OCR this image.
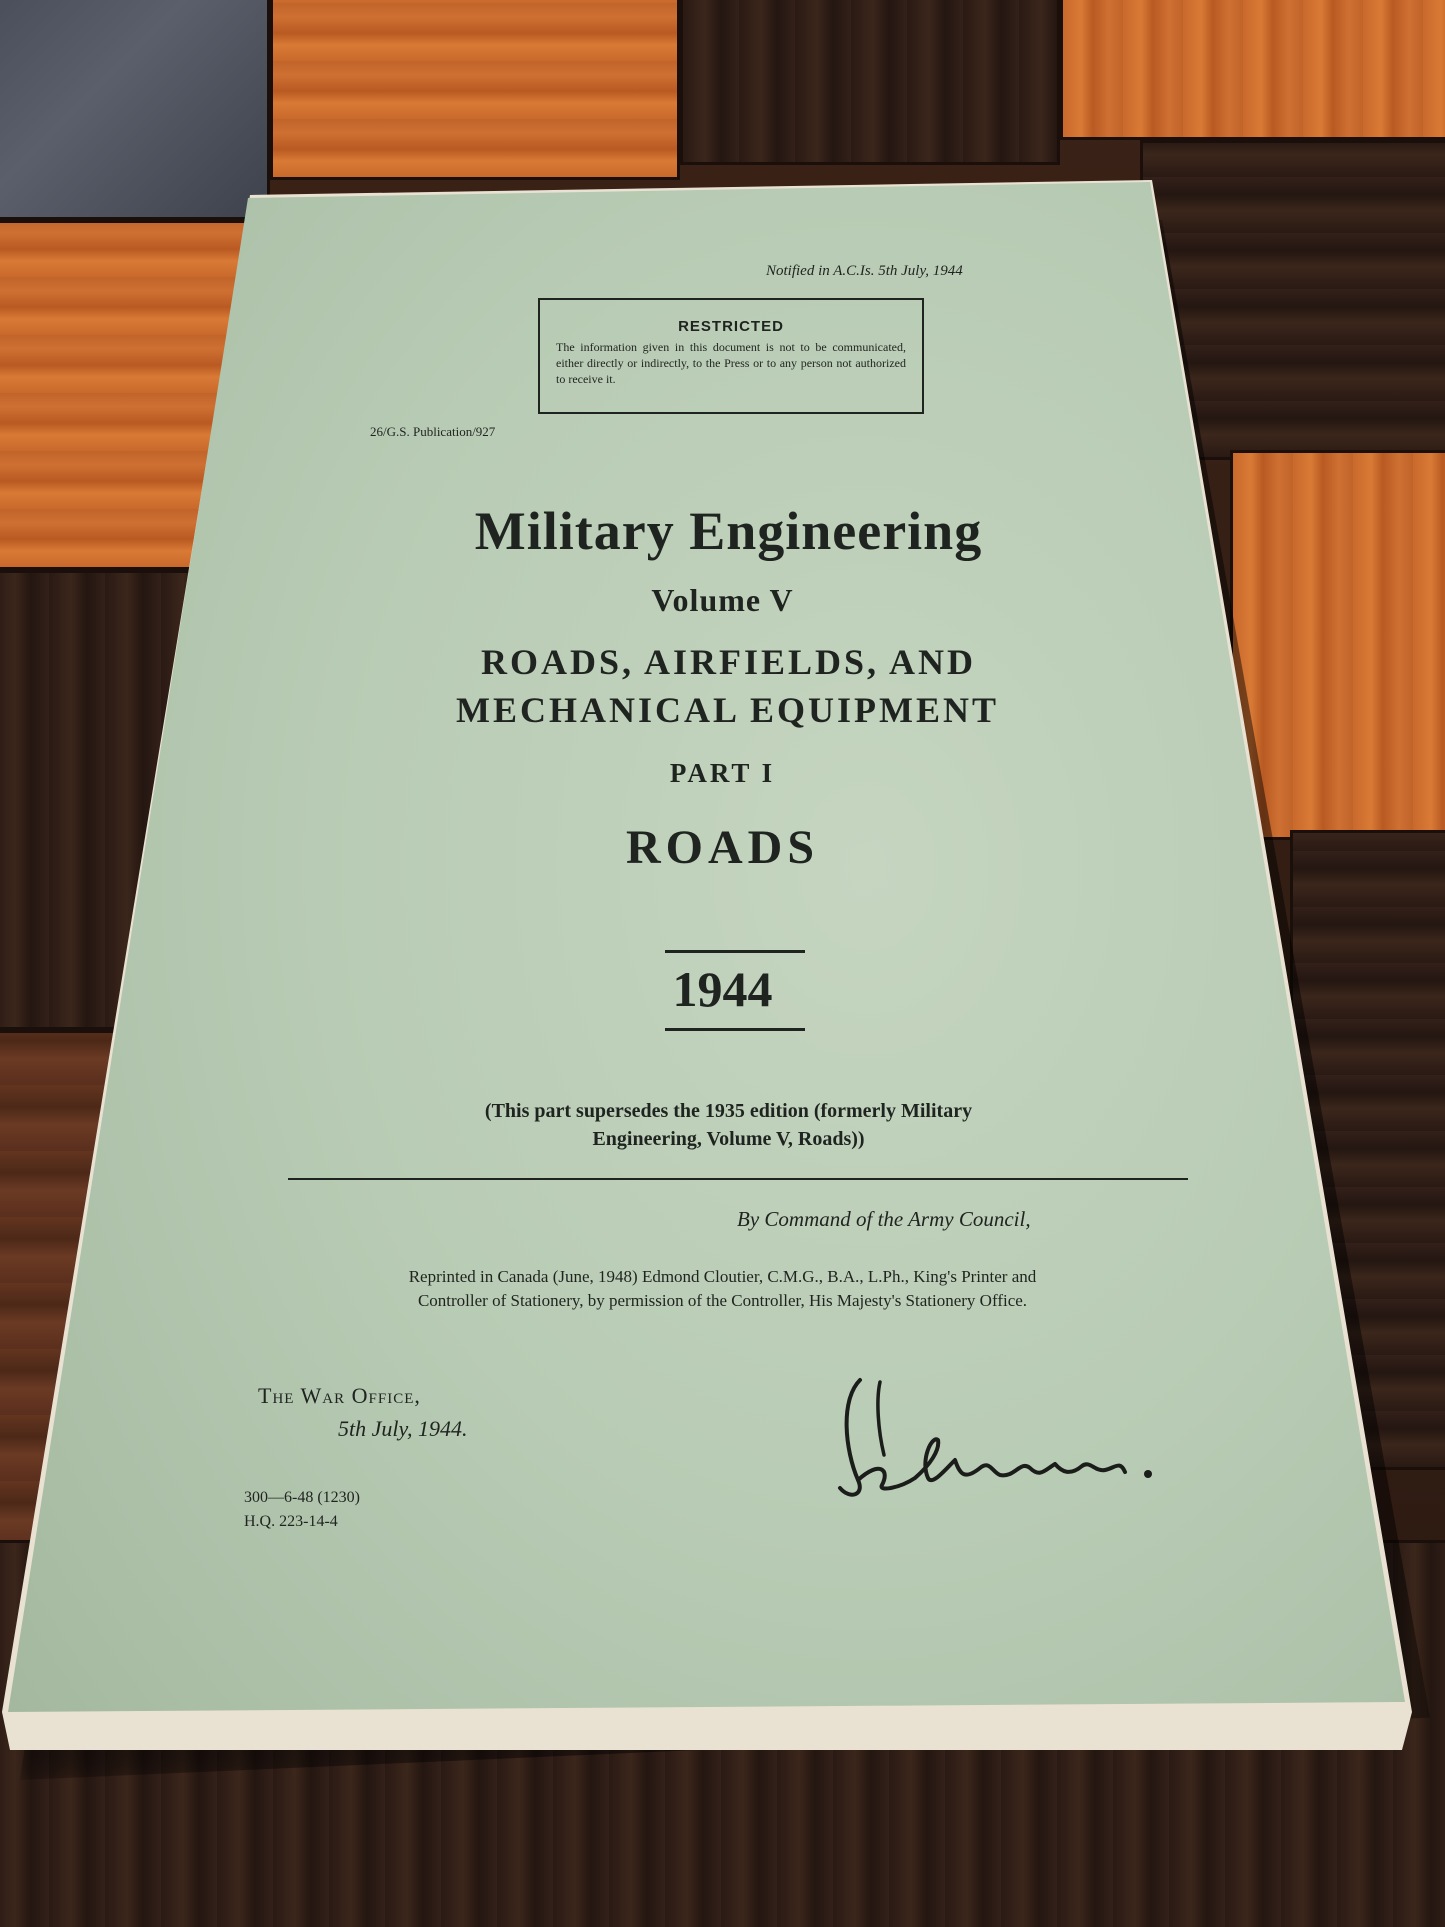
Notified in A.C.Is. 5th July, 1944
RESTRICTED
The information given in this document is not to be communicated, either directly or indirectly, to the Press or to any person not authorized to receive it.
26/G.S. Publication/927
Military Engineering
Volume V
ROADS, AIRFIELDS, AND
MECHANICAL EQUIPMENT
PART I
ROADS
1944
(This part supersedes the 1935 edition (formerly Military
Engineering, Volume V, Roads))
By Command of the Army Council,
Reprinted in Canada (June, 1948) Edmond Cloutier, C.M.G., B.A., L.Ph., King's Printer and
Controller of Stationery, by permission of the Controller, His Majesty's Stationery Office.
The War Office,
5th July, 1944.
300—6-48 (1230)
H.Q. 223-14-4
